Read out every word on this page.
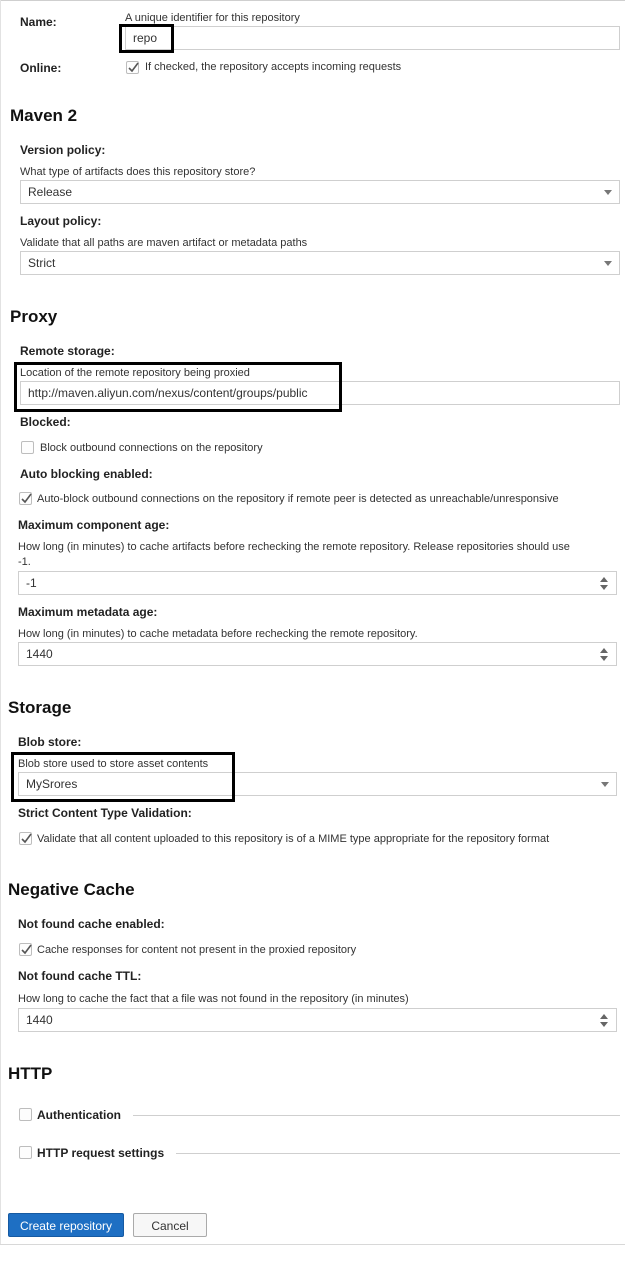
Name:	A unique identifier for this repository
repo
Online:	If checked, the repository accepts incoming requests
Maven 2
Version policy:
What type of artifacts does this repository store?
Release
Layout policy:
Validate that all paths are maven artifact or metadata paths
Strict
Proxy
Remote storage:
Location of the remote repository being proxied
http://maven.aliyun.com/nexus/content/groups/public
Blocked:
Block outbound connections on the repository
Auto blocking enabled:
Auto-block outbound connections on the repository if remote peer is detected as unreachable/unresponsive
Maximum component age:
How long (in minutes) to cache artifacts before rechecking the remote repository. Release repositories should use
-1.
-1
Maximum metadata age:
How long (in minutes) to cache metadata before rechecking the remote repository.
1440
Storage
Blob store:
Blob store used to store asset contents
MySrores
Strict Content Type Validation:
Validate that all content uploaded to this repository is of a MIME type appropriate for the repository format
Negative Cache
Not found cache enabled:
Cache responses for content not present in the proxied repository
Not found cache TTL:
How long to cache the fact that a file was not found in the repository (in minutes)
1440
HTTP
Authentication
HTTP request settings
Create repository	Cancel
